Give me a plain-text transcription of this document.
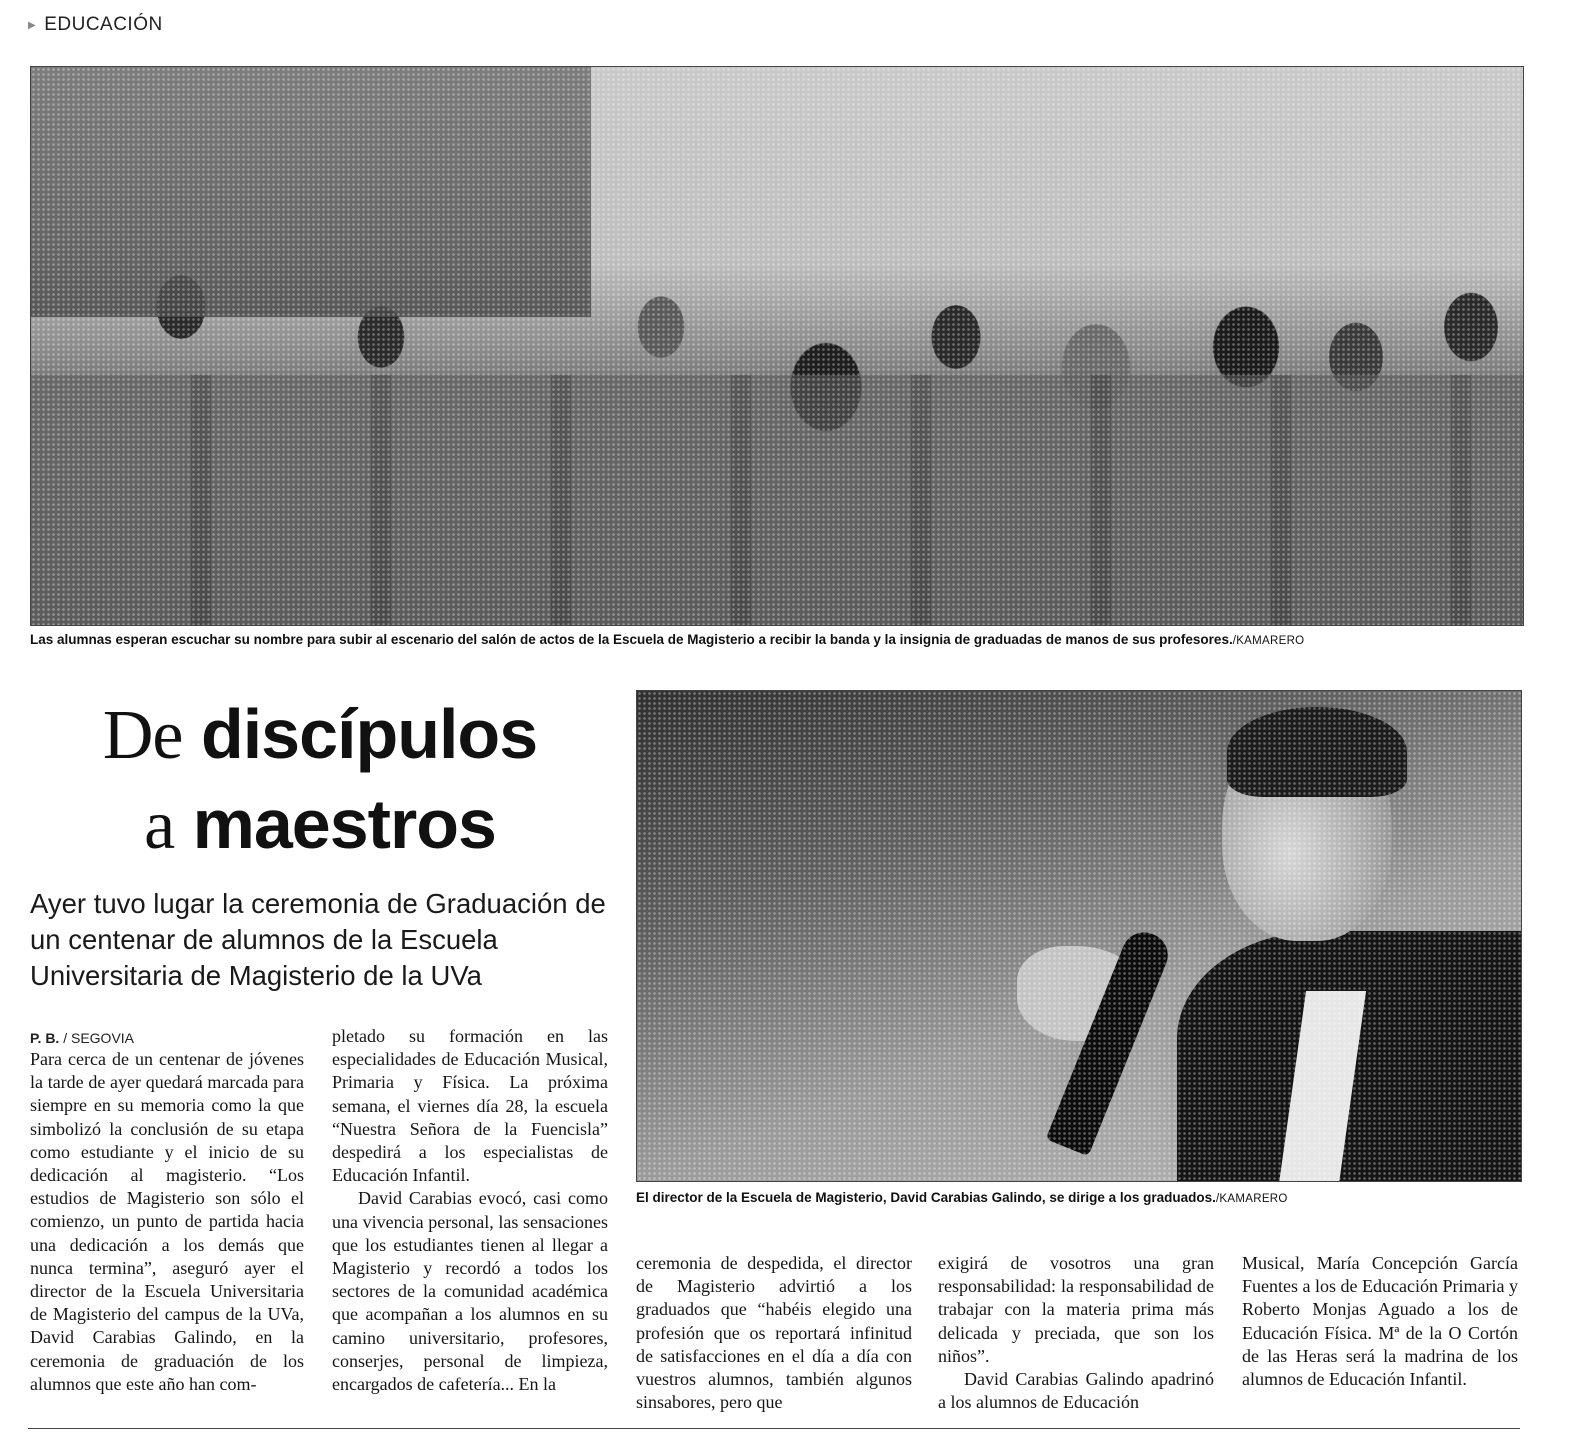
▶ EDUCACIÓN
Las alumnas esperan escuchar su nombre para subir al escenario del salón de actos de la Escuela de Magisterio a recibir la banda y la insignia de graduadas de manos de sus profesores./KAMARERO
De discípulos
a maestros
Ayer tuvo lugar la ceremonia de Graduación de un centenar de alumnos de la Escuela Universitaria de Magisterio de la UVa
El director de la Escuela de Magisterio, David Carabias Galindo, se dirige a los graduados./KAMARERO
P. B. / SEGOVIA

Para cerca de un centenar de jóvenes la tarde de ayer quedará marcada para siempre en su memoria como la que simbolizó la conclusión de su etapa como estudiante y el inicio de su dedicación al magisterio. “Los estudios de Magisterio son sólo el comienzo, un punto de partida hacia una dedicación a los demás que nunca termina”, aseguró ayer el director de la Escuela Universitaria de Magisterio del campus de la UVa, David Carabias Galindo, en la ceremonia de graduación de los alumnos que este año han com-

pletado su formación en las especialidades de Educación Musical, Primaria y Física. La próxima semana, el viernes día 28, la escuela “Nuestra Señora de la Fuencisla” despedirá a los especialistas de Educación Infantil.

David Carabias evocó, casi como una vivencia personal, las sensaciones que los estudiantes tienen al llegar a Magisterio y recordó a todos los sectores de la comunidad académica que acompañan a los alumnos en su camino universitario, profesores, conserjes, personal de limpieza, encargados de cafetería... En la

ceremonia de despedida, el director de Magisterio advirtió a los graduados que “habéis elegido una profesión que os reportará infinitud de satisfacciones en el día a día con vuestros alumnos, también algunos sinsabores, pero que

exigirá de vosotros una gran responsabilidad: la responsabilidad de trabajar con la materia prima más delicada y preciada, que son los niños”.

David Carabias Galindo apadrinó a los alumnos de Educación

Musical, María Concepción García Fuentes a los de Educación Primaria y Roberto Monjas Aguado a los de Educación Física. Mª de la O Cortón de las Heras será la madrina de los alumnos de Educación Infantil.
